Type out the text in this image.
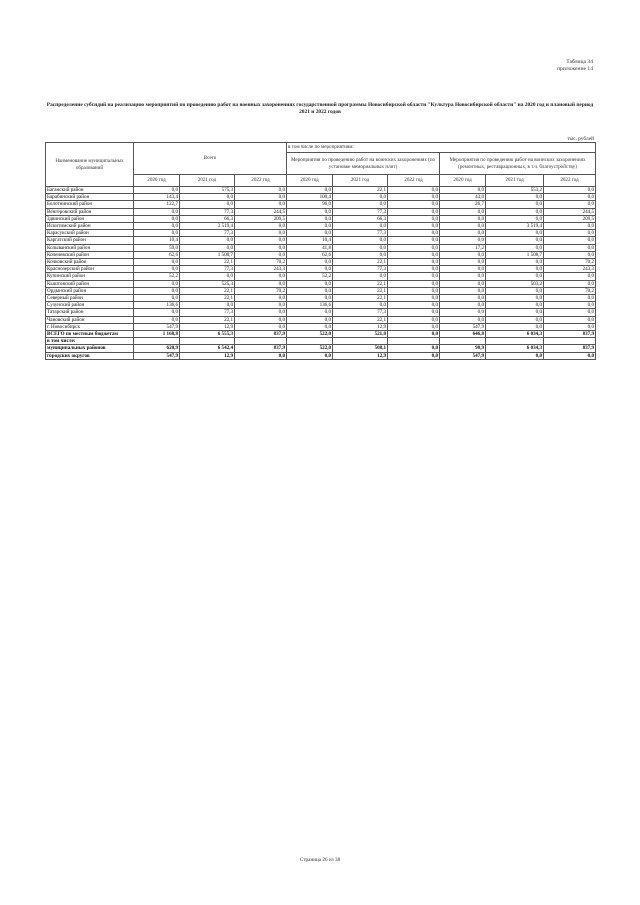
Таблица 34
приложение 14
Распределение субсидий на реализацию мероприятий по проведению работ на военных захоронениях государственной программы Новосибирской области "Культура Новосибирской области" на 2020 год и плановый период 2021 и 2022 годов
тыс. рублей
Наименование муниципальных образований	Всего			в том числе по мероприятиям:					
				Мероприятия по проведению работ на воинских захоронениях (по установке мемориальных плит)			Мероприятия по проведению работ на воинских захоронениях (ремонтных, реставрационных, в т.ч. благоустройству)		
	2020 год	2021 год	2022 год	2020 год	2021 год	2022 год	2020 год	2021 год	2022 год
Баганский район	0,0	575,3	0,0	0,0	22,1	0,0	0,0	553,2	0,0
Барабинский район	143,4	0,0	0,0	100,4	0,0	0,0	43,0	0,0	0,0
Болотнинский район	122,7	0,0	0,0	96,0	0,0	0,0	26,7	0,0	0,0
Венгеровский район	0,0	77,3	244,5	0,0	77,3	0,0	0,0	0,0	244,5
Здвинский район	0,0	66,3	209,5	0,0	66,3	0,0	0,0	0,0	209,5
Искитимский район	0,0	3 519,4	0,0	0,0	0,0	0,0	0,0	3 519,4	0,0
Карасукский район	0,0	77,3	0,0	0,0	77,3	0,0	0,0	0,0	0,0
Каргатский район	10,4	0,0	0,0	10,4	0,0	0,0	0,0	0,0	0,0
Колыванский район	59,0	0,0	0,0	41,8	0,0	0,0	17,2	0,0	0,0
Коченевский район	62,6	1 508,7	0,0	62,6	0,0	0,0	0,0	1 508,7	0,0
Кочковский район	0,0	22,1	70,2	0,0	22,1	0,0	0,0	0,0	70,2
Краснозерский район	0,0	77,3	243,3	0,0	77,3	0,0	0,0	0,0	243,3
Купинский район	52,2	0,0	0,0	52,2	0,0	0,0	0,0	0,0	0,0
Кыштовский район	0,0	525,3	0,0	0,0	22,1	0,0	0,0	503,2	0,0
Ордынский район	0,0	22,1	70,2	0,0	22,1	0,0	0,0	0,0	70,2
Северный район	0,0	22,1	0,0	0,0	22,1	0,0	0,0	0,0	0,0
Сузунский район	136,6	0,0	0,0	136,6	0,0	0,0	0,0	0,0	0,0
Татарский район	0,0	77,3	0,0	0,0	77,3	0,0	0,0	0,0	0,0
Чановский район	0,0	22,1	0,0	0,0	22,1	0,0	0,0	0,0	0,0
г. Новосибирск	547,9	12,9	0,0	0,0	12,9	0,0	547,9	0,0	0,0
ВСЕГО по местным бюджетам	1 168,8	6 555,3	837,9	522,0	521,0	0,0	646,8	6 034,3	837,9
в том числе:									
муниципальных районов	620,9	6 542,4	837,9	522,0	508,1	0,0	98,9	6 034,3	837,9
городских округов	547,9	12,9	0,0	0,0	12,9	0,0	547,9	0,0	0,0
Страница 26 из 38
